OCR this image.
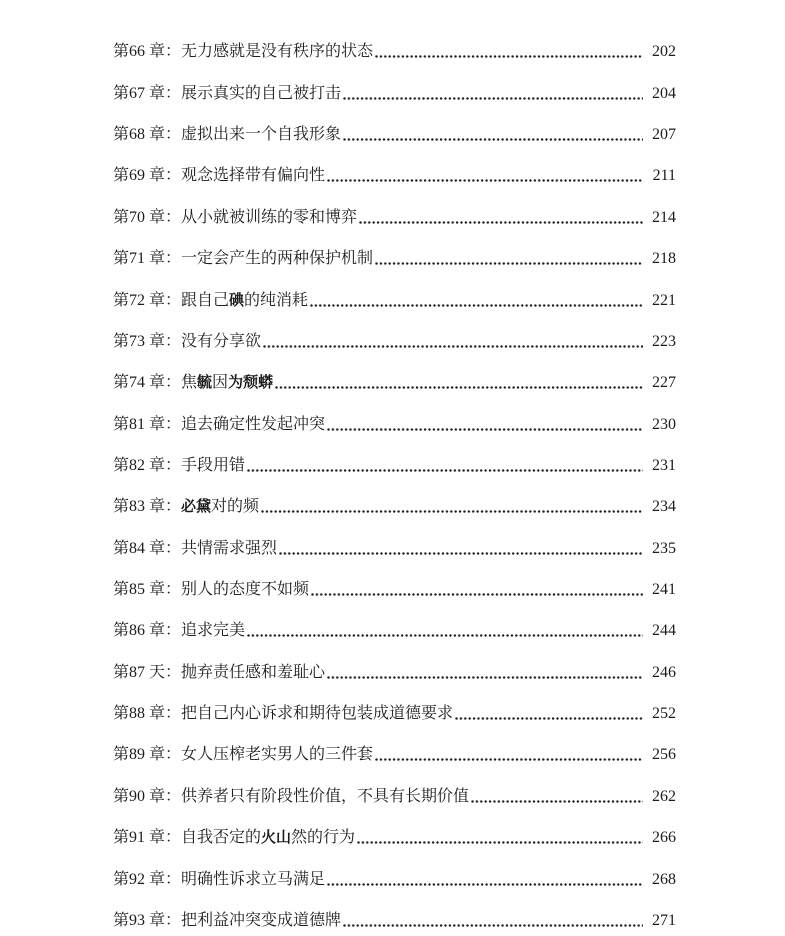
第66 章： 无力感就是没有秩序的状态	202
第67 章： 展示真实的自己被打击	204
第68 章： 虚拟出来一个自我形象	207
第69 章： 观念选择带有偏向性	211
第70 章： 从小就被训练的零和博弈	214
第71 章： 一定会产生的两种保护机制	218
第72 章： 跟自己碘的纯消耗	221
第73 章： 没有分享欲	223
第74 章： 焦毓因为颓蟒	227
第81 章： 追去确定性发起冲突	230
第82 章： 手段用错	231
第83 章： 必黛对的频	234
第84 章： 共情需求强烈	235
第85 章： 别人的态度不如频	241
第86 章： 追求完美	244
第87 天： 抛弃责任感和羞耻心	246
第88 章： 把自己内心诉求和期待包装成道德要求	252
第89 章： 女人压榨老实男人的三件套	256
第90 章： 供养者只有阶段性价值，不具有长期价值	262
第91 章： 自我否定的火山然的行为	266
第92 章： 明确性诉求立马满足	268
第93 章： 把利益冲突变成道德牌	271
